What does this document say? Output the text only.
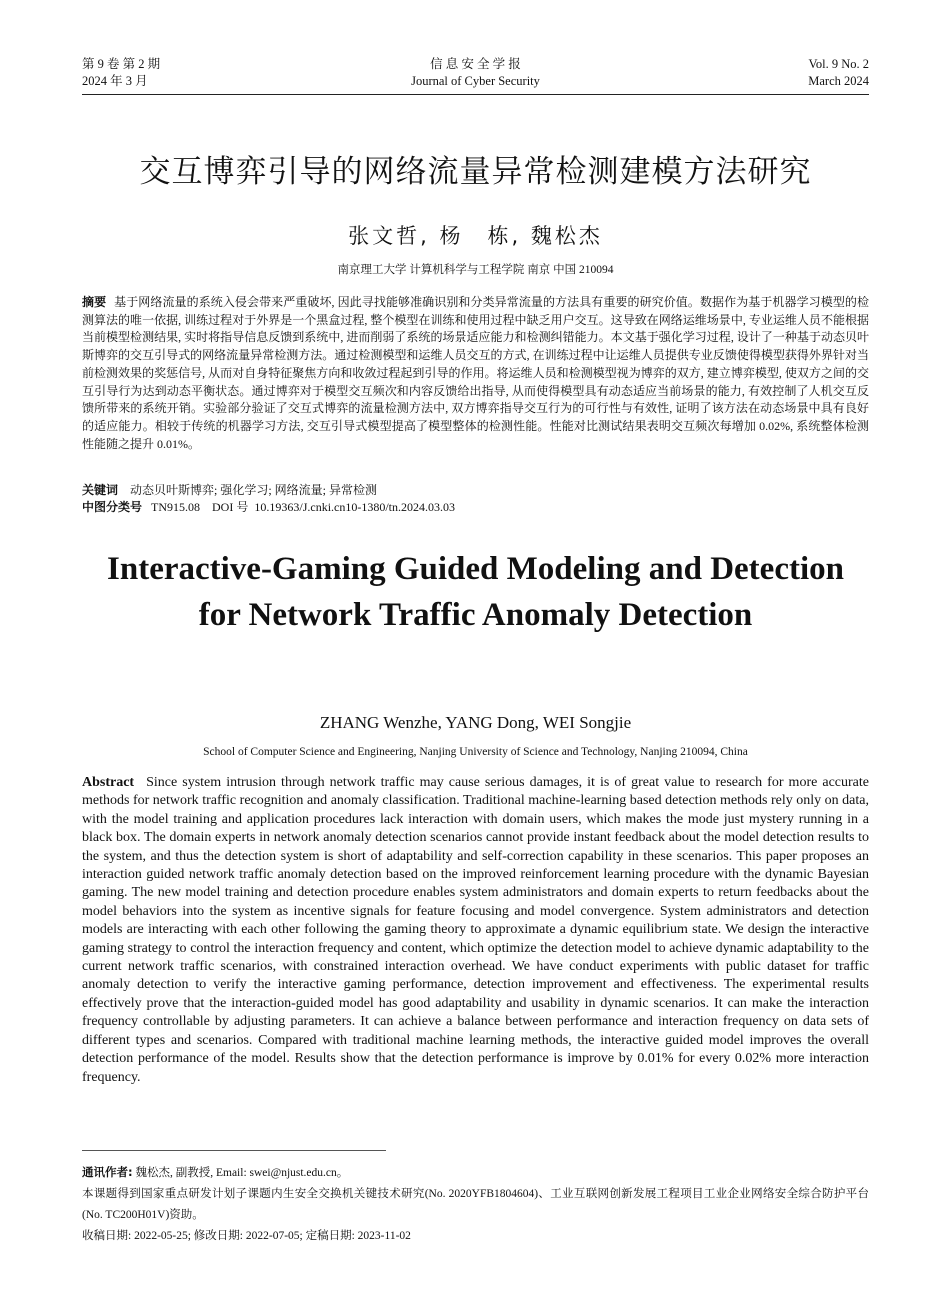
第 9 卷 第 2 期
2024 年 3 月
信 息 安 全 学 报
Journal of Cyber Security
Vol. 9 No. 2
March 2024
交互博弈引导的网络流量异常检测建模方法研究
张文哲, 杨　栋, 魏松杰
南京理工大学 计算机科学与工程学院 南京 中国 210094
摘要 基于网络流量的系统入侵会带来严重破坏, 因此寻找能够准确识别和分类异常流量的方法具有重要的研究价值。数据作为基于机器学习模型的检测算法的唯一依据, 训练过程对于外界是一个黑盒过程, 整个模型在训练和使用过程中缺乏用户交互。这导致在网络运维场景中, 专业运维人员不能根据当前模型检测结果, 实时将指导信息反馈到系统中, 进而削弱了系统的场景适应能力和检测纠错能力。本文基于强化学习过程, 设计了一种基于动态贝叶斯博弈的交互引导式的网络流量异常检测方法。通过检测模型和运维人员交互的方式, 在训练过程中让运维人员提供专业反馈使得模型获得外界针对当前检测效果的奖惩信号, 从而对自身特征聚焦方向和收敛过程起到引导的作用。将运维人员和检测模型视为博弈的双方, 建立博弈模型, 使双方之间的交互引导行为达到动态平衡状态。通过博弈对于模型交互频次和内容反馈给出指导, 从而使得模型具有动态适应当前场景的能力, 有效控制了人机交互反馈所带来的系统开销。实验部分验证了交互式博弈的流量检测方法中, 双方博弈指导交互行为的可行性与有效性, 证明了该方法在动态场景中具有良好的适应能力。相较于传统的机器学习方法, 交互引导式模型提高了模型整体的检测性能。性能对比测试结果表明交互频次每增加 0.02%, 系统整体检测性能随之提升 0.01%。
关键词 动态贝叶斯博弈; 强化学习; 网络流量; 异常检测
中图分类号 TN915.08 DOI 号 10.19363/J.cnki.cn10-1380/tn.2024.03.03
Interactive-Gaming Guided Modeling and Detection for Network Traffic Anomaly Detection
ZHANG Wenzhe, YANG Dong, WEI Songjie
School of Computer Science and Engineering, Nanjing University of Science and Technology, Nanjing 210094, China
Abstract Since system intrusion through network traffic may cause serious damages, it is of great value to research for more accurate methods for network traffic recognition and anomaly classification. Traditional machine-learning based detection methods rely only on data, with the model training and application procedures lack interaction with domain users, which makes the mode just mystery running in a black box. The domain experts in network anomaly detection scenarios cannot provide instant feedback about the model detection results to the system, and thus the detection system is short of adaptability and self-correction capability in these scenarios. This paper proposes an interaction guided network traffic anomaly detection based on the improved reinforcement learning procedure with the dynamic Bayesian gaming. The new model training and detection procedure enables system administrators and domain experts to return feedbacks about the model behaviors into the system as incentive signals for feature focusing and model convergence. System administrators and detection models are interacting with each other following the gaming theory to approximate a dynamic equilibrium state. We design the interactive gaming strategy to control the interaction frequency and content, which optimize the detection model to achieve dynamic adaptability to the current network traffic scenarios, with constrained interaction overhead. We have conduct experiments with public dataset for traffic anomaly detection to verify the interactive gaming performance, detection improvement and effectiveness. The experimental results effectively prove that the interaction-guided model has good adaptability and usability in dynamic scenarios. It can make the interaction frequency controllable by adjusting parameters. It can achieve a balance between performance and interaction frequency on data sets of different types and scenarios. Compared with traditional machine learning methods, the interactive guided model improves the overall detection performance of the model. Results show that the detection performance is improve by 0.01% for every 0.02% more interaction frequency.

通讯作者: 魏松杰, 副教授, Email: swei@njust.edu.cn。

本课题得到国家重点研发计划子课题内生安全交换机关键技术研究(No. 2020YFB1804604)、工业互联网创新发展工程项目工业企业网络安全综合防护平台(No. TC200H01V)资助。

收稿日期: 2022-05-25; 修改日期: 2022-07-05; 定稿日期: 2023-11-02
